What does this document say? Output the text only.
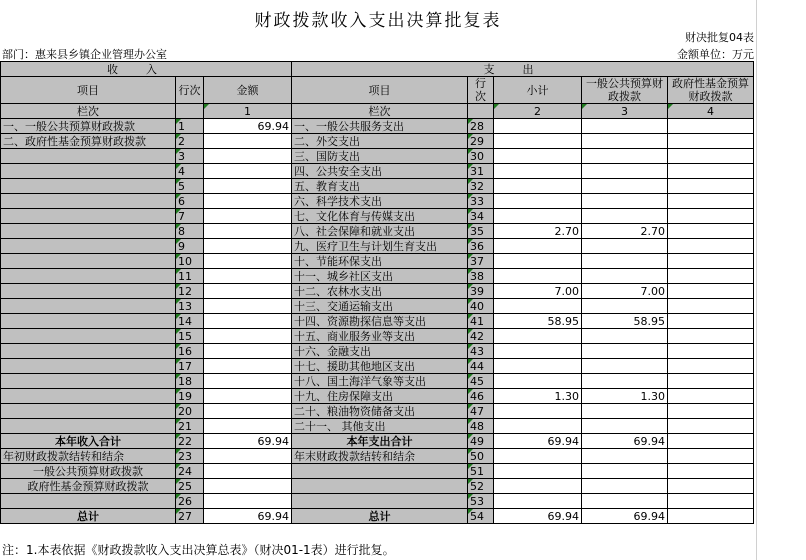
财政拨款收入支出决算批复表
财决批复04表
部门：惠来县乡镇企业管理办公室	金额单位：万元
收入			支出				
项目	行次	金额	项目	行次	小计	一般公共预算财政拨款	政府性基金预算财政拨款
栏次		1	栏次		2	3	4
一、一般公共预算财政拨款	1	69.94	一、一般公共服务支出	28			
二、政府性基金预算财政拨款	2		二、外交支出	29			
	3		三、国防支出	30			
	4		四、公共安全支出	31			
	5		五、教育支出	32			
	6		六、科学技术支出	33			
	7		七、文化体育与传媒支出	34			
	8		八、社会保障和就业支出	35	2.70	2.70	
	9		九、医疗卫生与计划生育支出	36			
	10		十、节能环保支出	37			
	11		十一、城乡社区支出	38			
	12		十二、农林水支出	39	7.00	7.00	
	13		十三、交通运输支出	40			
	14		十四、资源勘探信息等支出	41	58.95	58.95	
	15		十五、商业服务业等支出	42			
	16		十六、金融支出	43			
	17		十七、援助其他地区支出	44			
	18		十八、国土海洋气象等支出	45			
	19		十九、住房保障支出	46	1.30	1.30	
	20		二十、粮油物资储备支出	47			
	21		二十一、 其他支出	48			
本年收入合计	22	69.94	本年支出合计	49	69.94	69.94	
年初财政拨款结转和结余	23		年末财政拨款结转和结余	50			
一般公共预算财政拨款	24			51			
政府性基金预算财政拨款	25			52			
	26			53			
总计	27	69.94	总计	54	69.94	69.94	
注：1.本表依据《财政拨款收入支出决算总表》（财决01-1表）进行批复。
